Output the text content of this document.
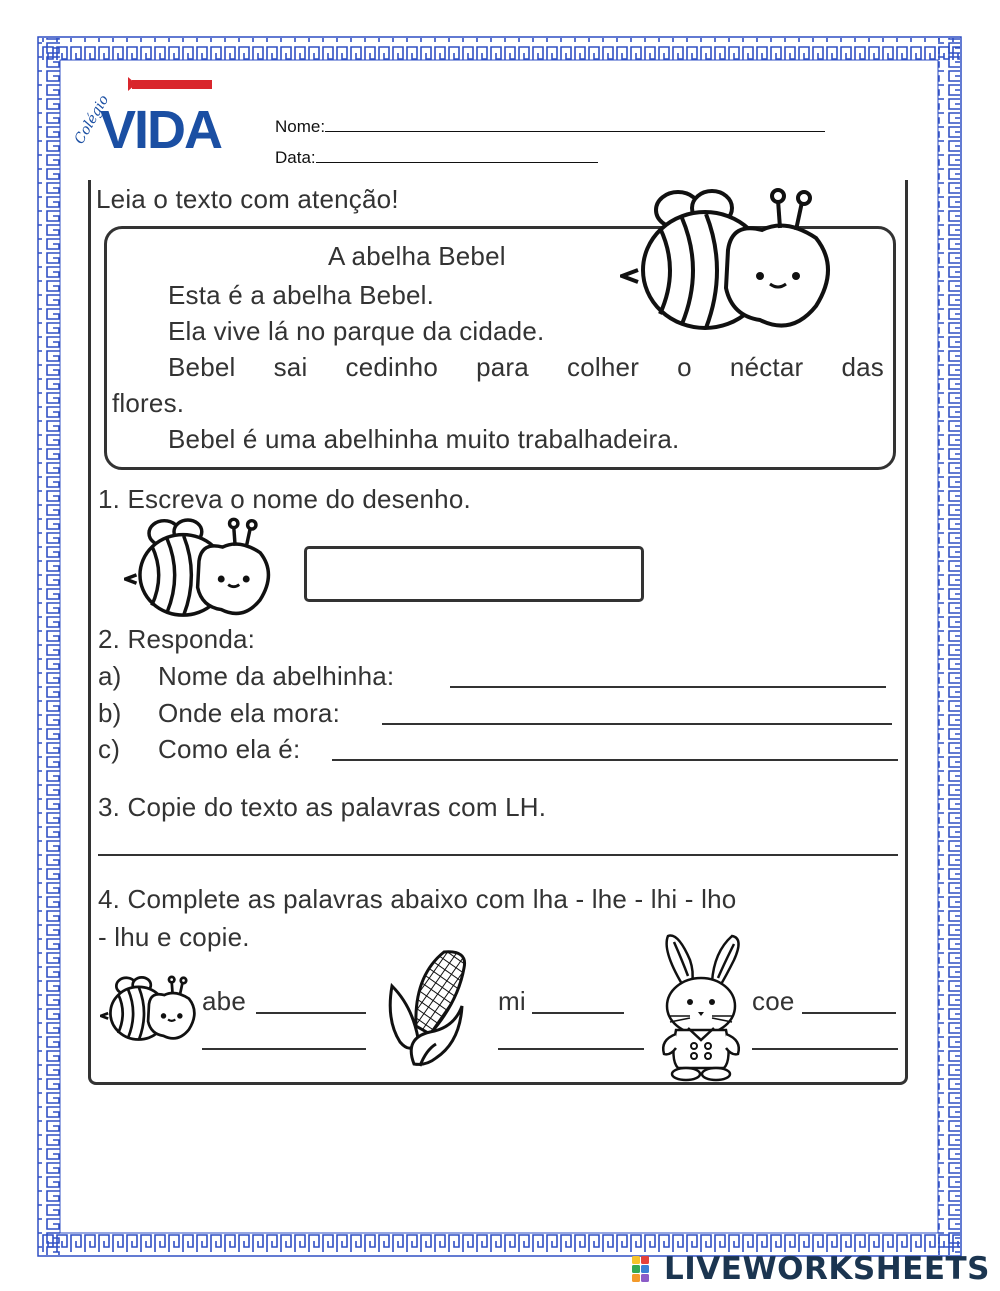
Colégio
VIDA	Nome:
Data:
Leia o texto com atenção!
A abelha Bebel
Esta é a abelha Bebel.
Ela vive lá no parque da cidade.
Bebel sai cedinho para colher o néctar das
flores.
Bebel é uma abelhinha muito trabalhadeira.
1. Escreva o nome do desenho.
2. Responda:
a) Nome da abelhinha:
b) Onde ela mora:
c) Como ela é:
3. Copie do texto as palavras com LH.
4. Complete as palavras abaixo com lha - lhe - lhi - lho
- lhu e copie.
abe	mi	coe
LIVEWORKSHEETS
